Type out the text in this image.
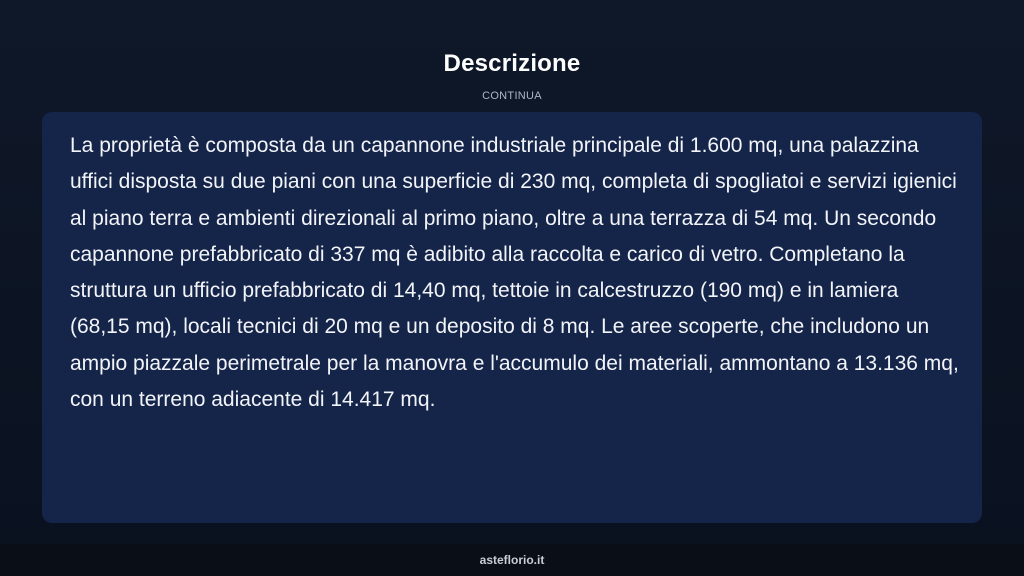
Descrizione
CONTINUA

La proprietà è composta da un capannone industriale principale di 1.600 mq, una palazzina uffici disposta su due piani con una superficie di 230 mq, completa di spogliatoi e servizi igienici al piano terra e ambienti direzionali al primo piano, oltre a una terrazza di 54 mq. Un secondo capannone prefabbricato di 337 mq è adibito alla raccolta e carico di vetro. Completano la struttura un ufficio prefabbricato di 14,40 mq, tettoie in calcestruzzo (190 mq) e in lamiera (68,15 mq), locali tecnici di 20 mq e un deposito di 8 mq. Le aree scoperte, che includono un ampio piazzale perimetrale per la manovra e l'accumulo dei materiali, ammontano a 13.136 mq, con un terreno adiacente di 14.417 mq.

asteflorio.it
